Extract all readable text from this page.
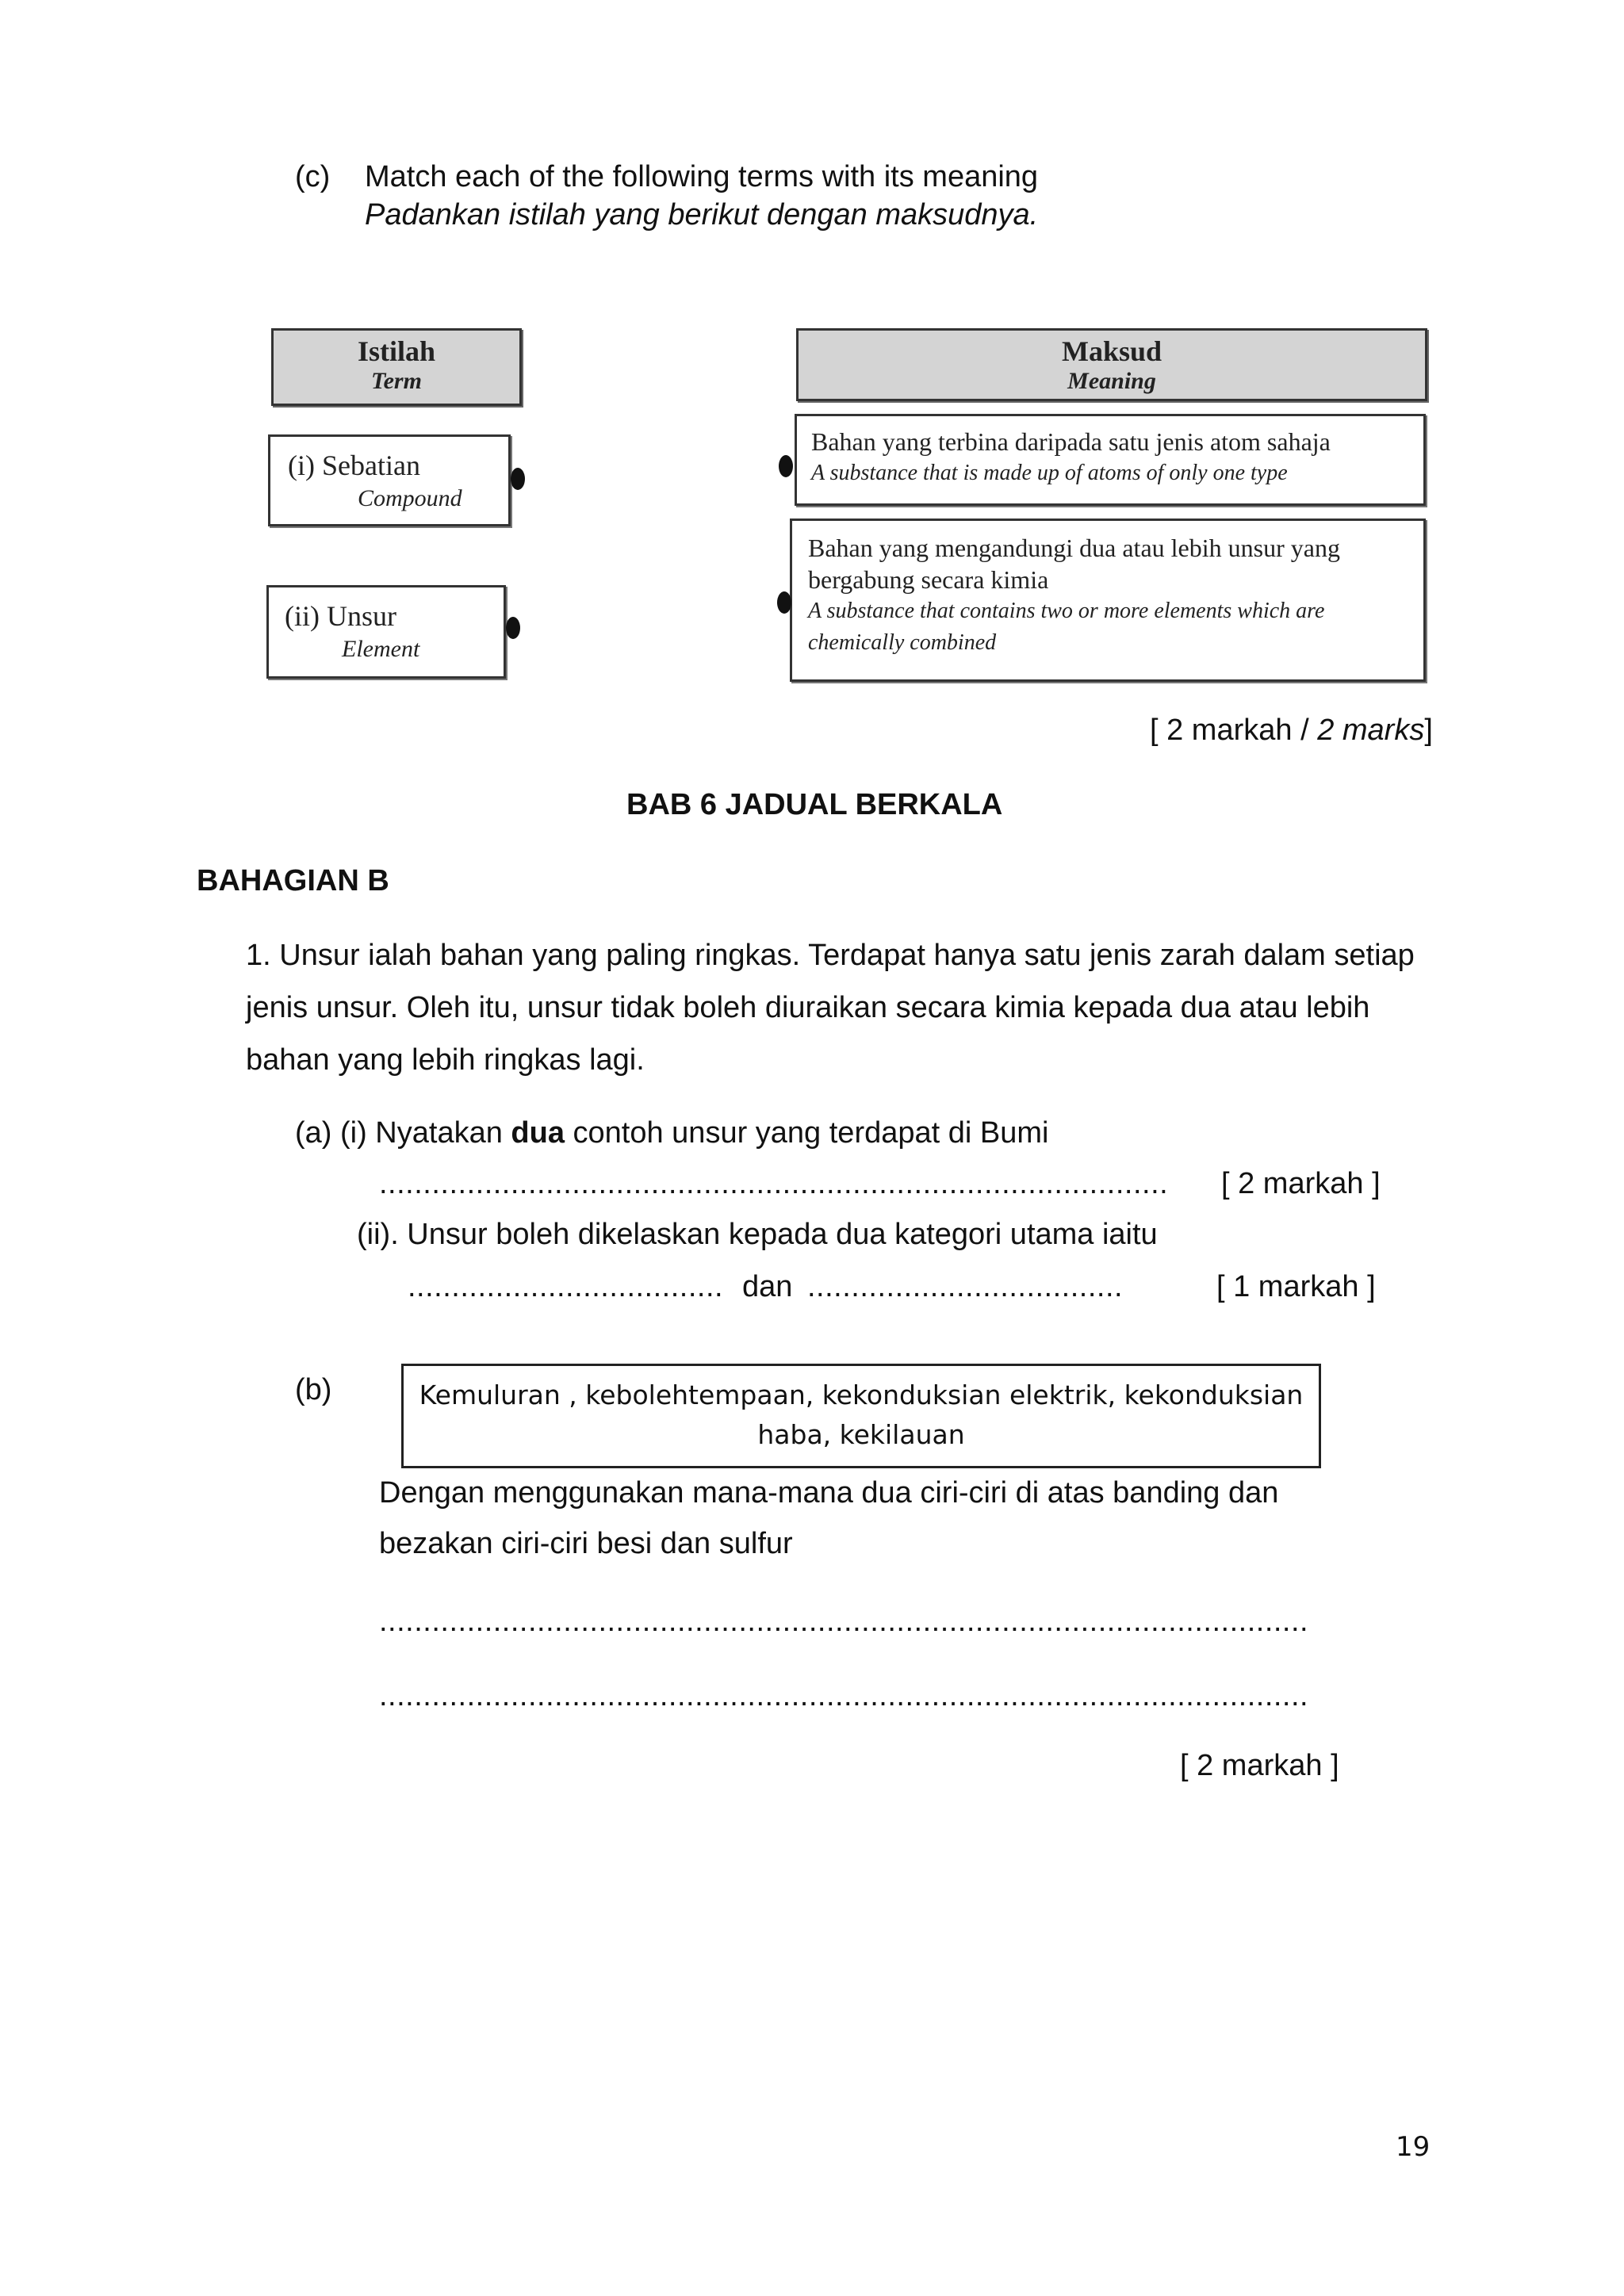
(c) Match each of the following terms with its meaning
Padankan istilah yang berikut dengan maksudnya.
Istilah
Term
Maksud
Meaning
(i) Sebatian
Compound
(ii) Unsur
Element
Bahan yang terbina daripada satu jenis atom sahaja
A substance that is made up of atoms of only one type
Bahan yang mengandungi dua atau lebih unsur yang
bergabung secara kimia
A substance that contains two or more elements which are
chemically combined
[ 2 markah / 2 marks]
BAB 6 JADUAL BERKALA
BAHAGIAN B
1. Unsur ialah bahan yang paling ringkas. Terdapat hanya satu jenis zarah dalam setiap
jenis unsur. Oleh itu, unsur tidak boleh diuraikan secara kimia kepada dua atau lebih
bahan yang lebih ringkas lagi.
(a) (i) Nyatakan dua contoh unsur yang terdapat di Bumi
.......................................................................................... [ 2 markah ]
(ii). Unsur boleh dikelaskan kepada dua kategori utama iaitu
.................................... dan ....................................	[ 1 markah ]
(b)	Kemuluran , kebolehtempaan, kekonduksian elektrik, kekonduksian
haba, kekilauan
Dengan menggunakan mana-mana dua ciri-ciri di atas banding dan
bezakan ciri-ciri besi dan sulfur
..........................................................................................................
..........................................................................................................
[ 2 markah ]
19
